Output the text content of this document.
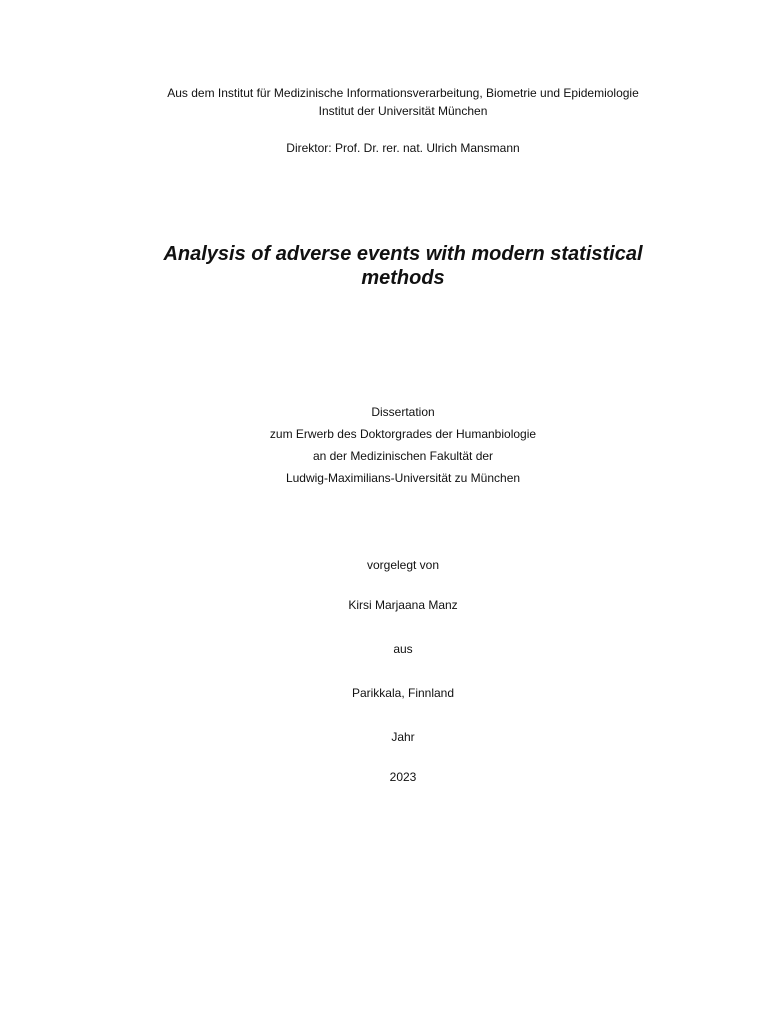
Aus dem Institut für Medizinische Informationsverarbeitung, Biometrie und Epidemiologie
Institut der Universität München
Direktor: Prof. Dr. rer. nat. Ulrich Mansmann
Analysis of adverse events with modern statistical
methods
Dissertation
zum Erwerb des Doktorgrades der Humanbiologie
an der Medizinischen Fakultät der
Ludwig-Maximilians-Universität zu München
vorgelegt von
Kirsi Marjaana Manz
aus
Parikkala, Finnland
Jahr
2023
